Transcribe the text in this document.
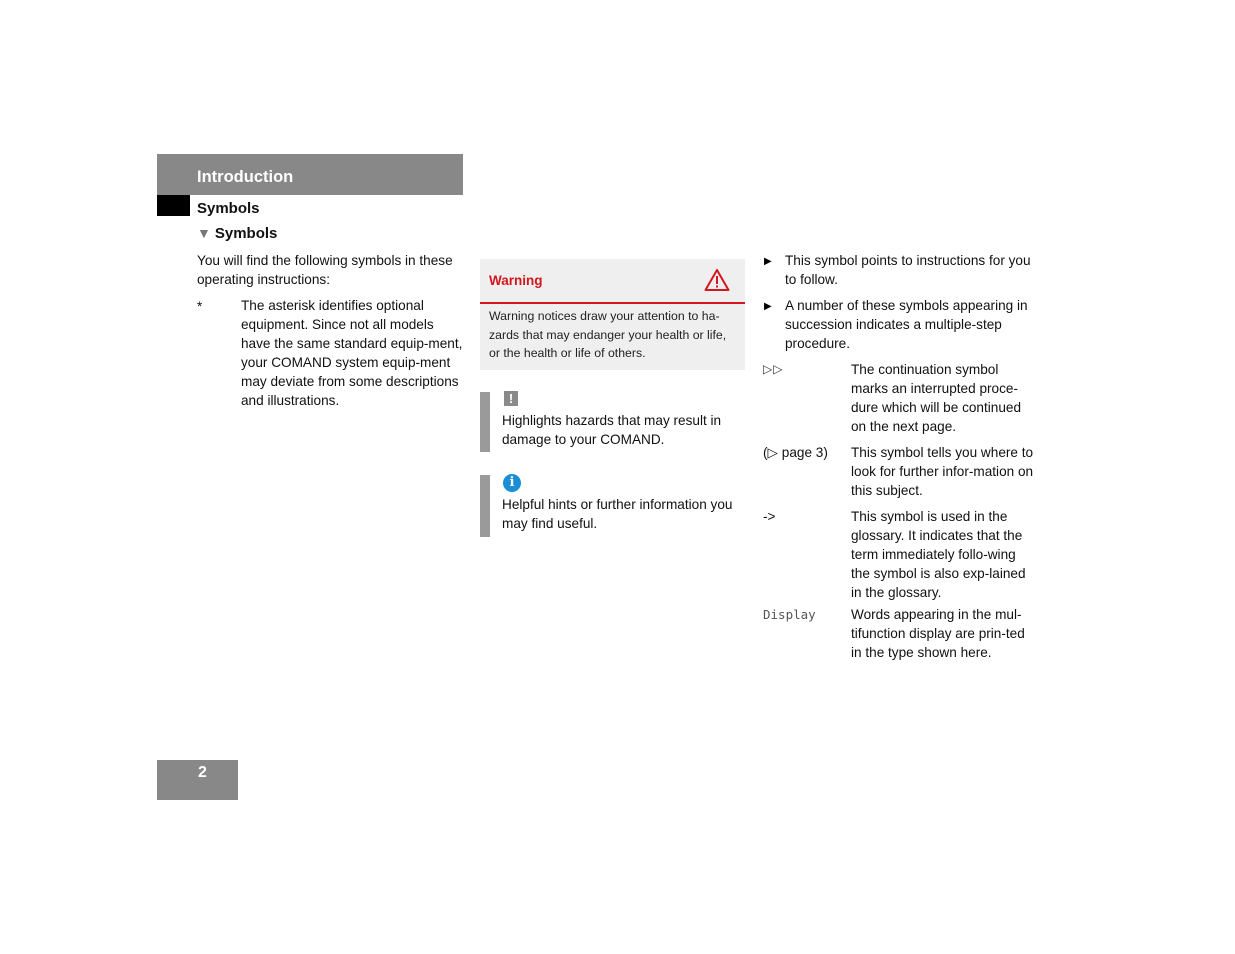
Introduction
Symbols
▼ Symbols
You will find the following symbols in these operating instructions:
*	The asterisk identifies optional equipment. Since not all models have the same standard equip-ment, your COMAND system equip-ment may deviate from some descriptions and illustrations.
Warning
Warning notices draw your attention to ha-zards that may endanger your health or life, or the health or life of others.
!
Highlights hazards that may result in damage to your COMAND.
i
Helpful hints or further information you may find useful.
▶ This symbol points to instructions for you to follow.
▶ A number of these symbols appearing in succession indicates a multiple-step procedure.
▷▷	The continuation symbol marks an interrupted proce-dure which will be continued on the next page.
(▷ page 3) This symbol tells you where to look for further infor-mation on this subject.
->	This symbol is used in the glossary. It indicates that the term immediately follo-wing the symbol is also exp-lained in the glossary.
Display	Words appearing in the mul-tifunction display are prin-ted in the type shown here.
2
